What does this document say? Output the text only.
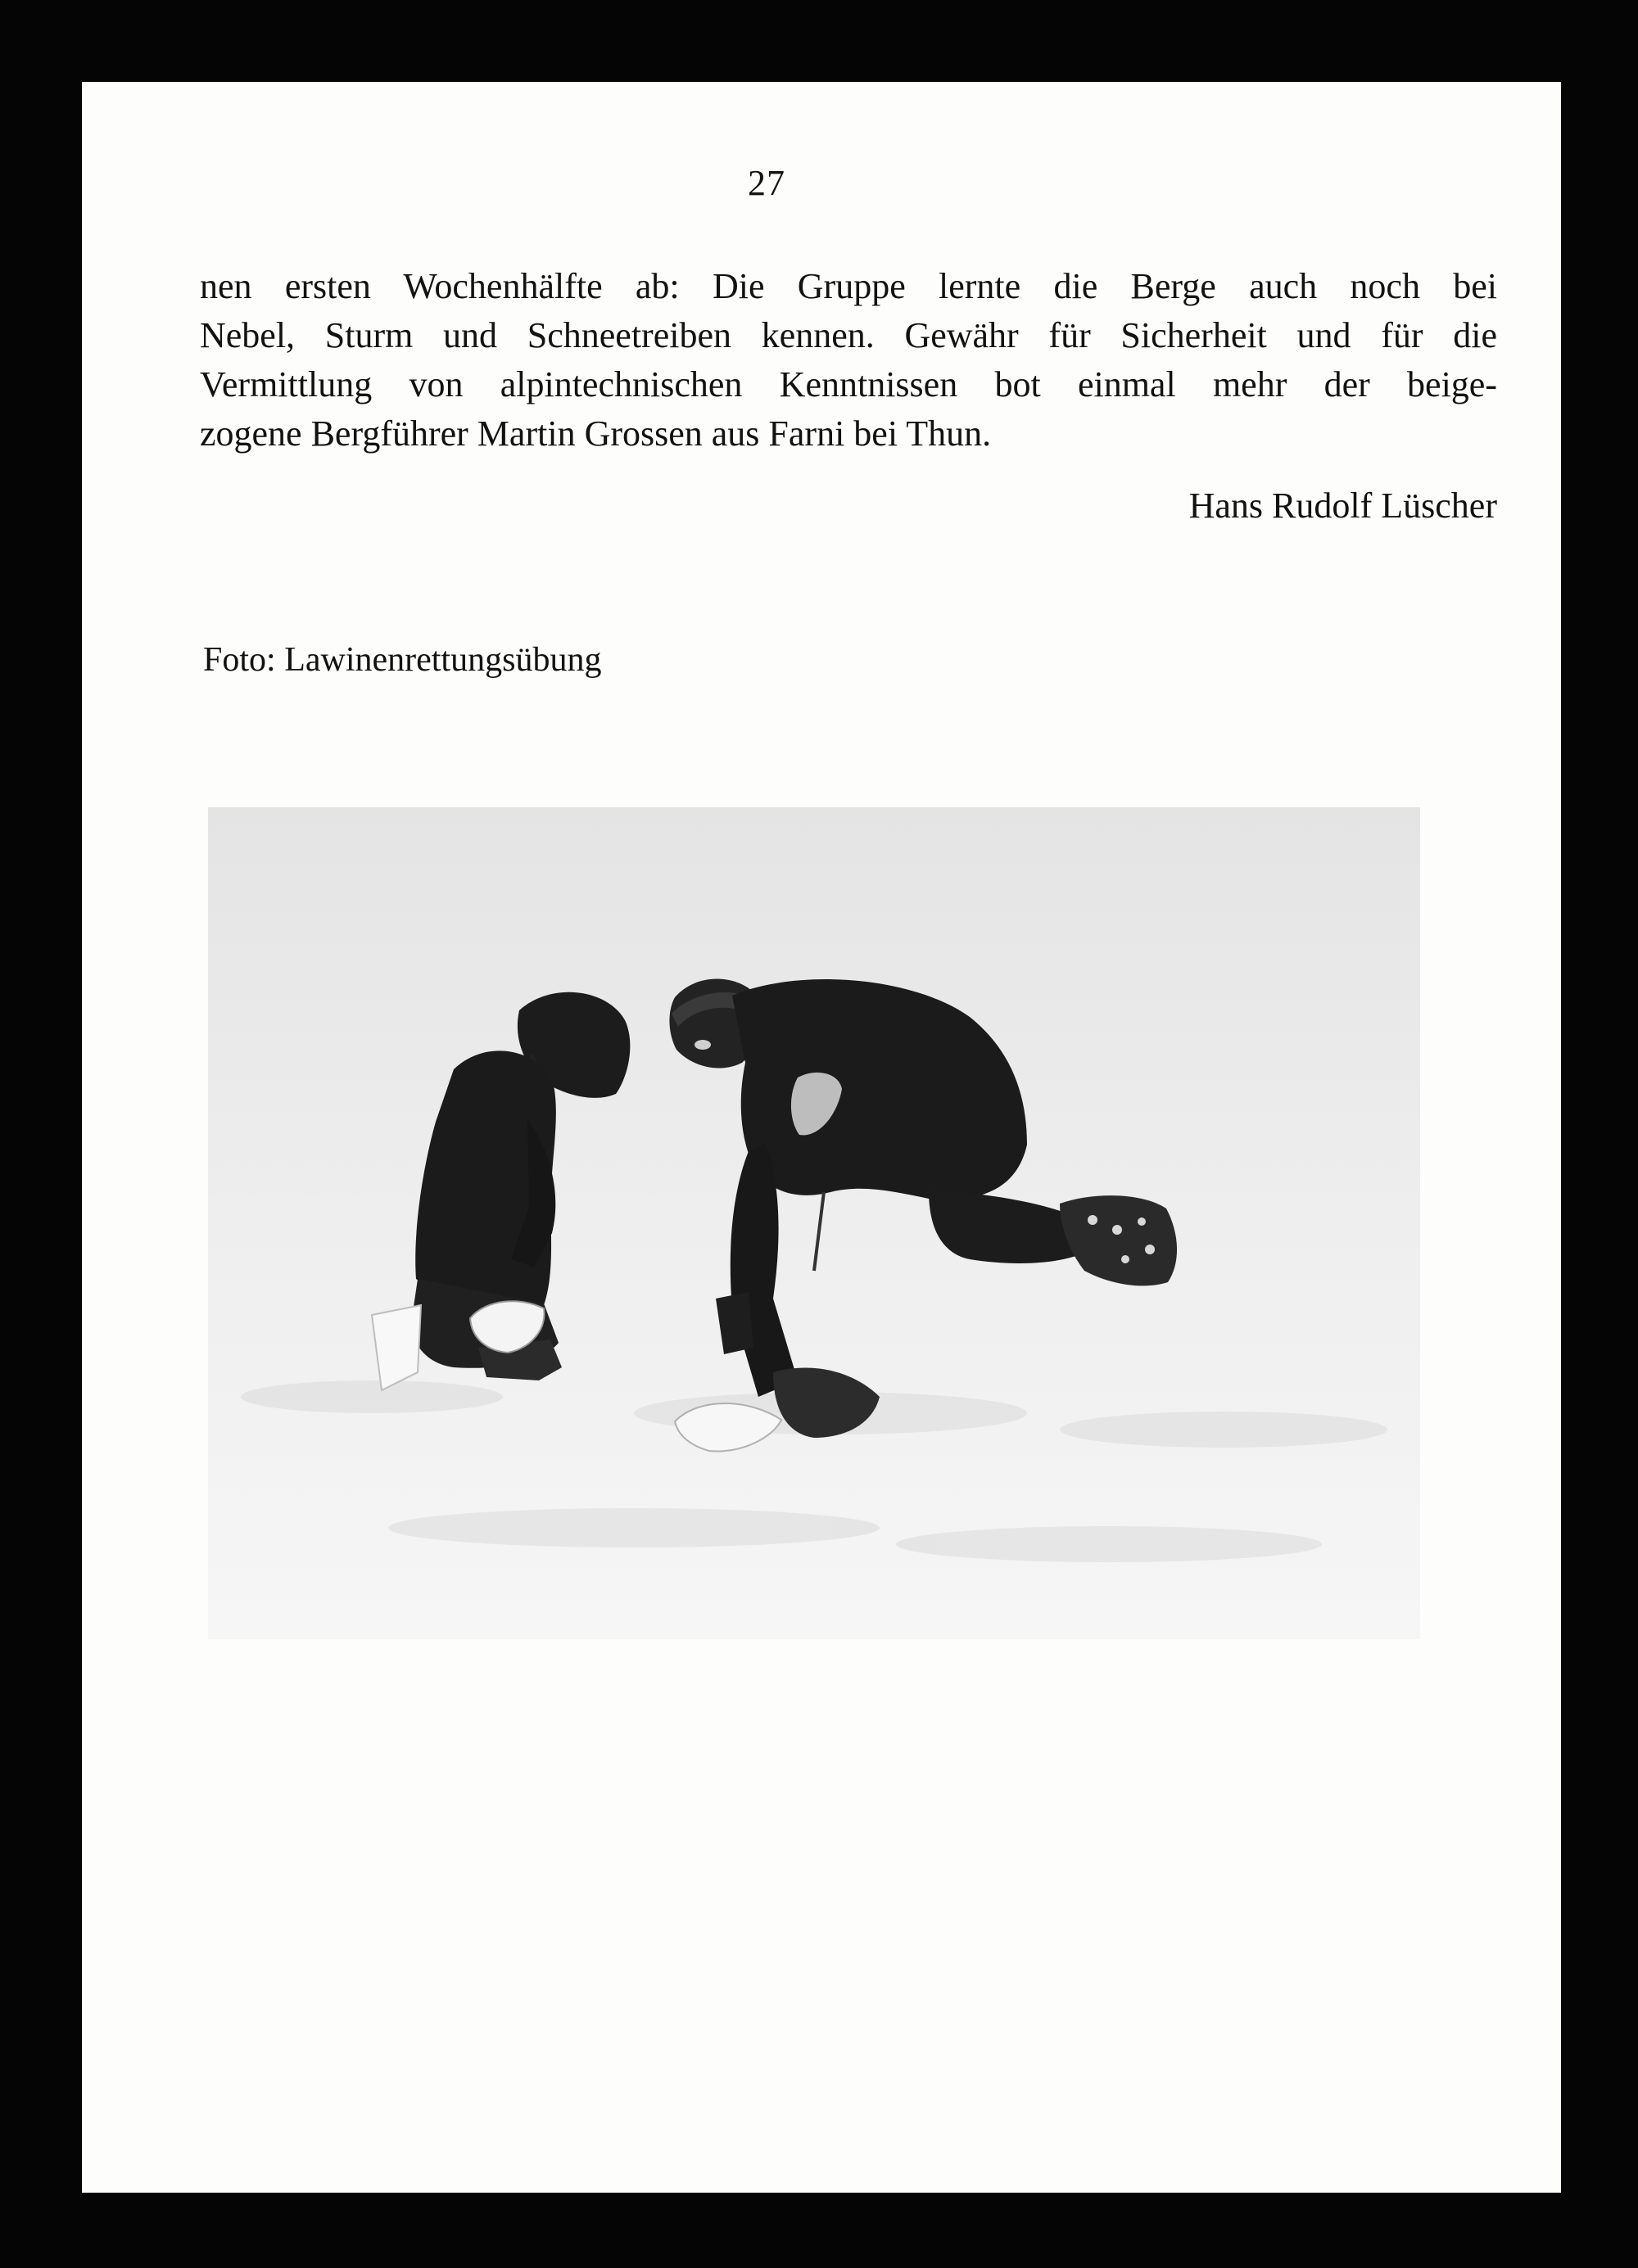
27

nen ersten Wochenhälfte ab: Die Gruppe lernte die Berge auch noch bei
Nebel, Sturm und Schneetreiben kennen. Gewähr für Sicherheit und für die
Vermittlung von alpintechnischen Kenntnissen bot einmal mehr der beige-
zogene Bergführer Martin Grossen aus Farni bei Thun.

Hans Rudolf Lüscher
Foto: Lawinenrettungsübung
